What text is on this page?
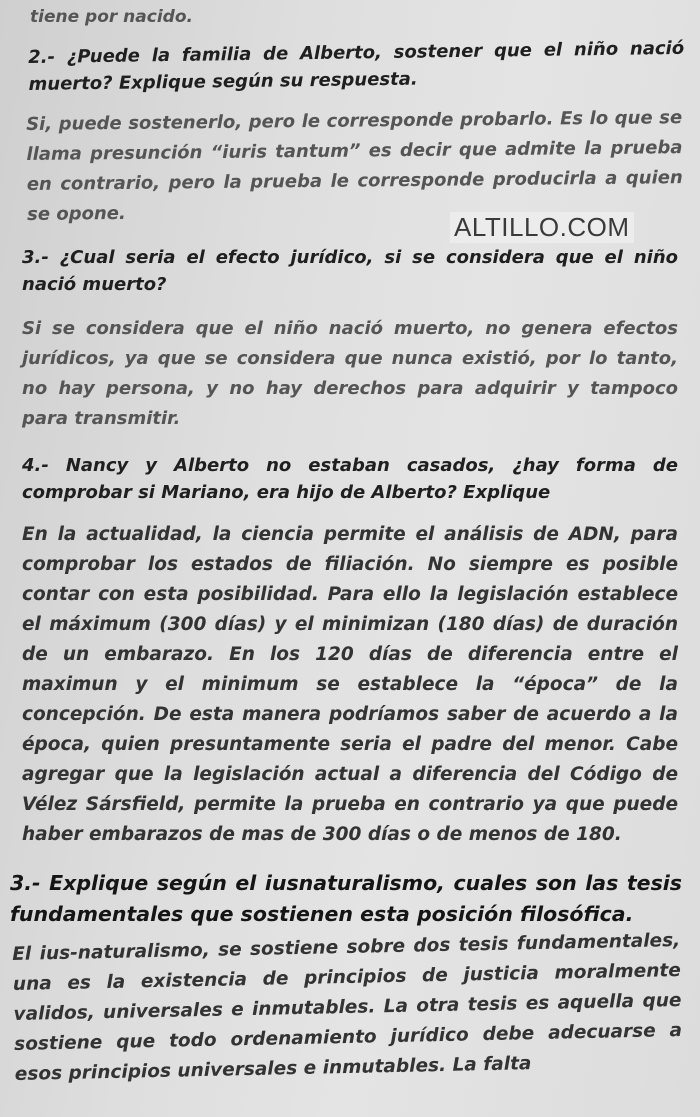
tiene por nacido.
2.- ¿Puede la familia de Alberto, sostener que el niño nació muerto? Explique según su respuesta.
Si, puede sostenerlo, pero le corresponde probarlo. Es lo que se llama presunción “iuris tantum” es decir que admite la prueba en contrario, pero la prueba le corresponde producirla a quien se opone.	ALTILLO.COM
3.- ¿Cual seria el efecto jurídico, si se considera que el niño nació muerto?
Si se considera que el niño nació muerto, no genera efectos jurídicos, ya que se considera que nunca existió, por lo tanto, no hay persona, y no hay derechos para adquirir y tampoco para transmitir.
4.- Nancy y Alberto no estaban casados, ¿hay forma de comprobar si Mariano, era hijo de Alberto? Explique
En la actualidad, la ciencia permite el análisis de ADN, para comprobar los estados de filiación. No siempre es posible contar con esta posibilidad. Para ello la legislación establece el máximum (300 días) y el minimizan (180 días) de duración de un embarazo. En los 120 días de diferencia entre el maximun y el minimum se establece la “época” de la concepción. De esta manera podríamos saber de acuerdo a la época, quien presuntamente seria el padre del menor. Cabe agregar que la legislación actual a diferencia del Código de Vélez Sársfield, permite la prueba en contrario ya que puede haber embarazos de mas de 300 días o de menos de 180.
3.- Explique según el iusnaturalismo, cuales son las tesis fundamentales que sostienen esta posición filosófica.
El ius-naturalismo, se sostiene sobre dos tesis fundamentales, una es la existencia de principios de justicia moralmente validos, universales e inmutables. La otra tesis es aquella que sostiene que todo ordenamiento jurídico debe adecuarse a esos principios universales e inmutables. La falta
